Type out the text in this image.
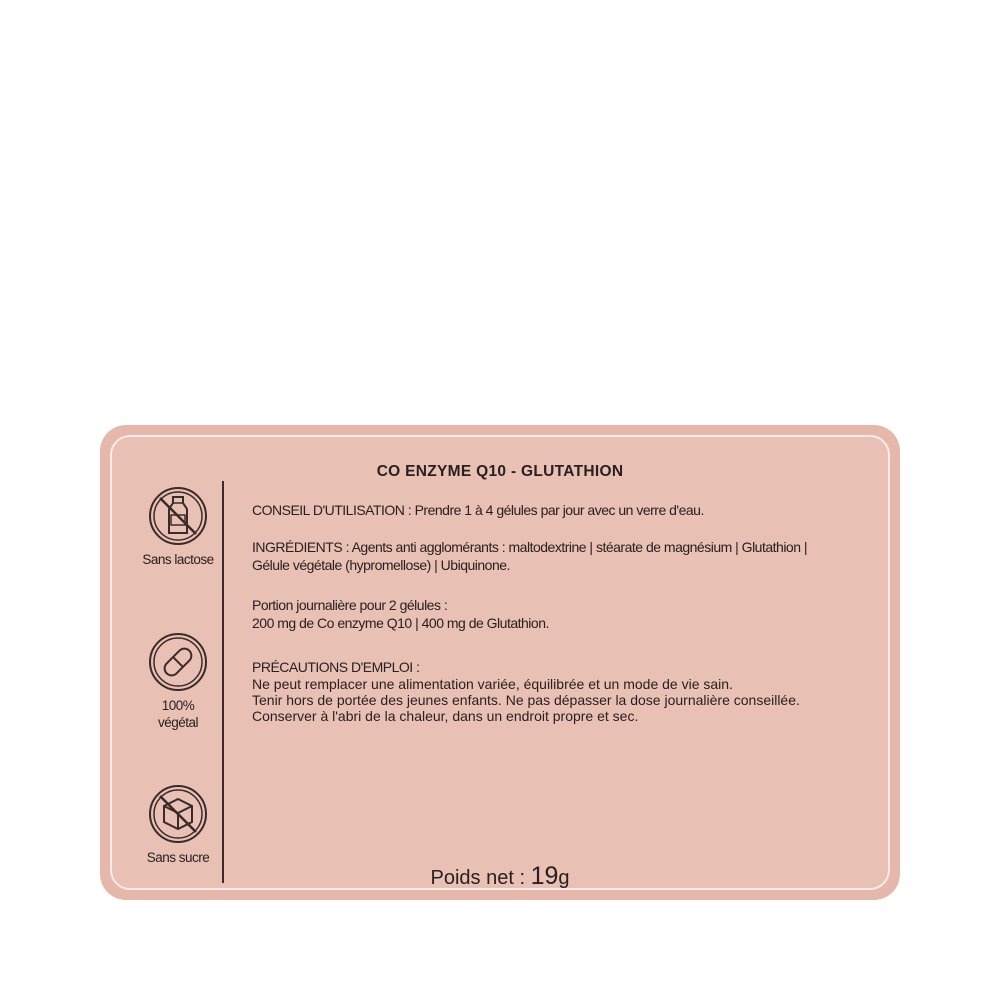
CO ENZYME Q10 - GLUTATHION
Sans lactose
100%
végétal
Sans sucre

CONSEIL D'UTILISATION : Prendre 1 à 4 gélules par jour avec un verre d'eau.

INGRÉDIENTS : Agents anti agglomérants : maltodextrine | stéarate de magnésium | Glutathion |

Gélule végétale (hypromellose) | Ubiquinone.

Portion journalière pour 2 gélules :

200 mg de Co enzyme Q10 | 400 mg de Glutathion.

PRÉCAUTIONS D'EMPLOI :

Ne peut remplacer une alimentation variée, équilibrée et un mode de vie sain.

Tenir hors de portée des jeunes enfants. Ne pas dépasser la dose journalière conseillée.

Conserver à l'abri de la chaleur, dans un endroit propre et sec.

Poids net : 19g
